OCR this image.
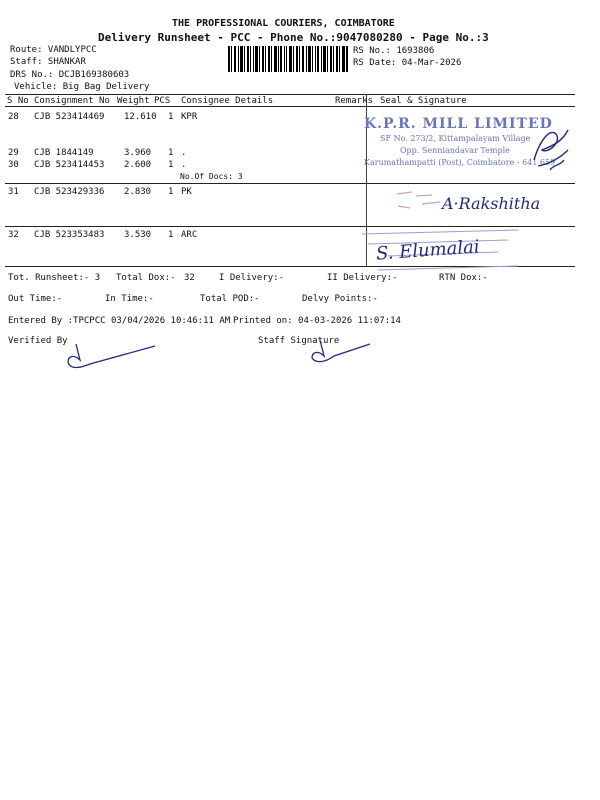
THE PROFESSIONAL COURIERS, COIMBATORE
Delivery Runsheet - PCC - Phone No.:9047080280 - Page No.:3
Route: VANDLYPCC
Staff: SHANKAR
DRS No.: DCJB169380603
Vehicle: Big Bag Delivery
RS No.: 1693806
RS Date: 04-Mar-2026
S No Consignment No Weight PCS Consignee Details	Remarks Seal & Signature
28 CJB 523414469 12.610 1 KPR
29 CJB 1844149	3.960 1 .
30 CJB 523414453 2.600 1 .
No.Of Docs: 3
31 CJB 523429336 2.830 1 PK
32 CJB 523353483 3.530 1 ARC
K.P.R. MILL LIMITED
SF No. 273/2, Kittampalayam Village
Opp. Senniandavar Temple
Karumathampatti (Post), Coimbatore - 641 659
A·Rakshitha
S. Elumalai
Tot. Runsheet:- 3 Total Dox:- 32	I Delivery:-	II Delivery:-	RTN Dox:-
Out Time:-	In Time:-	Total POD:-	Delvy Points:-
Entered By :TPCPCC 03/04/2026 10:46:11 AM Printed on: 04-03-2026 11:07:14
Verified By	Staff Signature
